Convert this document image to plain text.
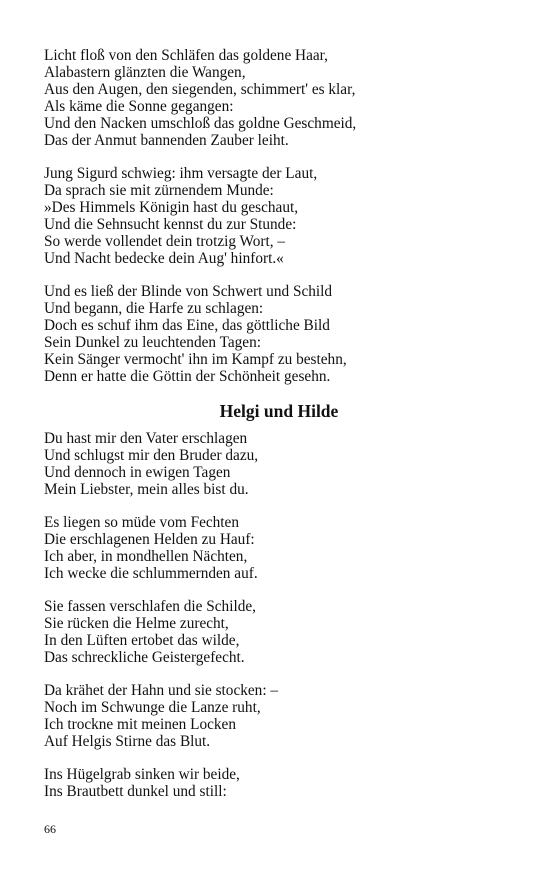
Licht floß von den Schläfen das goldene Haar,
Alabastern glänzten die Wangen,
Aus den Augen, den siegenden, schimmert' es klar,
Als käme die Sonne gegangen:
Und den Nacken umschloß das goldne Geschmeid,
Das der Anmut bannenden Zauber leiht.
Jung Sigurd schwieg: ihm versagte der Laut,
Da sprach sie mit zürnendem Munde:
»Des Himmels Königin hast du geschaut,
Und die Sehnsucht kennst du zur Stunde:
So werde vollendet dein trotzig Wort, –
Und Nacht bedecke dein Aug' hinfort.«
Und es ließ der Blinde von Schwert und Schild
Und begann, die Harfe zu schlagen:
Doch es schuf ihm das Eine, das göttliche Bild
Sein Dunkel zu leuchtenden Tagen:
Kein Sänger vermocht' ihn im Kampf zu bestehn,
Denn er hatte die Göttin der Schönheit gesehn.
Helgi und Hilde
Du hast mir den Vater erschlagen
Und schlugst mir den Bruder dazu,
Und dennoch in ewigen Tagen
Mein Liebster, mein alles bist du.
Es liegen so müde vom Fechten
Die erschlagenen Helden zu Hauf:
Ich aber, in mondhellen Nächten,
Ich wecke die schlummernden auf.
Sie fassen verschlafen die Schilde,
Sie rücken die Helme zurecht,
In den Lüften ertobet das wilde,
Das schreckliche Geistergefecht.
Da krähet der Hahn und sie stocken: –
Noch im Schwunge die Lanze ruht,
Ich trockne mit meinen Locken
Auf Helgis Stirne das Blut.
Ins Hügelgrab sinken wir beide,
Ins Brautbett dunkel und still:
66
